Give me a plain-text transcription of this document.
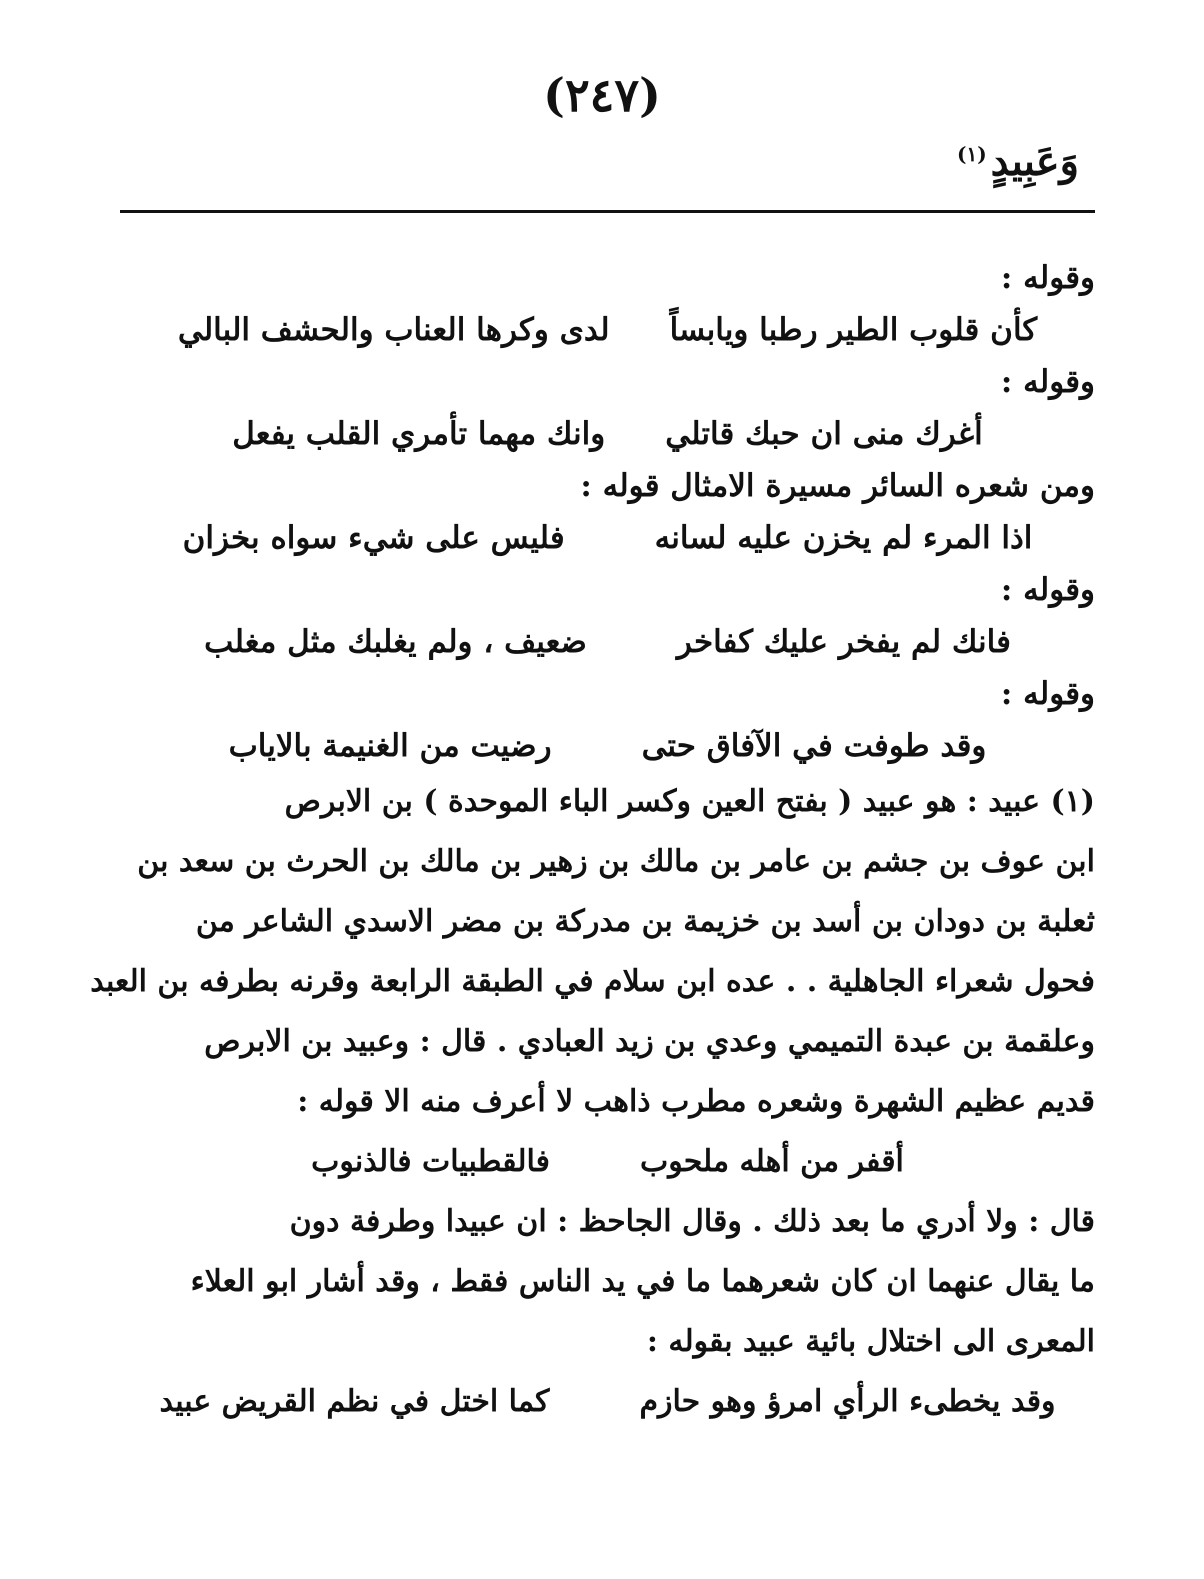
(٢٤٧)
وَعَبِيدٍ$^{(١)}$
وقوله :
كأن قلوب الطير رطبا ويابساً
لدى وكرها العناب والحشف البالي
وقوله :
أغرك منى ان حبك قاتلي
وانك مهما تأمري القلب يفعل
ومن شعره السائر مسيرة الامثال قوله :
اذا المرء لم يخزن عليه لسانه
فليس على شيء سواه بخزان
وقوله :
فانك لم يفخر عليك كفاخر
ضعيف ، ولم يغلبك مثل مغلب
وقوله :
وقد طوفت في الآفاق حتى
رضيت من الغنيمة بالاياب
(١) عبيد : هو عبيد ( بفتح العين وكسر الباء الموحدة ) بن الابرص
ابن عوف بن جشم بن عامر بن مالك بن زهير بن مالك بن الحرث بن سعد بن
ثعلبة بن دودان بن أسد بن خزيمة بن مدركة بن مضر الاسدي الشاعر من
فحول شعراء الجاهلية . . عده ابن سلام في الطبقة الرابعة وقرنه بطرفه بن العبد
وعلقمة بن عبدة التميمي وعدي بن زيد العبادي . قال : وعبيد بن الابرص
قديم عظيم الشهرة وشعره مطرب ذاهب لا أعرف منه الا قوله :
أقفر من أهله ملحوب
فالقطبيات فالذنوب
قال : ولا أدري ما بعد ذلك . وقال الجاحظ : ان عبيدا وطرفة دون
ما يقال عنهما ان كان شعرهما ما في يد الناس فقط ، وقد أشار ابو العلاء
المعرى الى اختلال بائية عبيد بقوله :
وقد يخطىء الرأي امرؤ وهو حازم
كما اختل في نظم القريض عبيد
